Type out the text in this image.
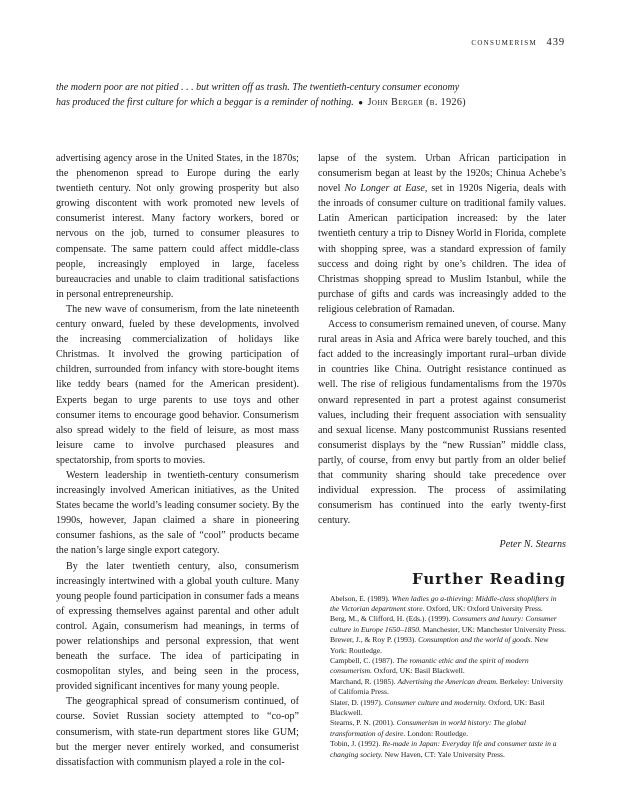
consumerism 439
the modern poor are not pitied . . . but written off as trash. The twentieth-century consumer economy
has produced the first culture for which a beggar is a reminder of nothing. ● John Berger (b. 1926)

advertising agency arose in the United States, in the 1870s; the phenomenon spread to Europe during the early twentieth century. Not only growing prosperity but also growing discontent with work promoted new levels of consumerist interest. Many factory workers, bored or nervous on the job, turned to consumer pleasures to compensate. The same pattern could affect middle-class people, increasingly employed in large, faceless bureaucracies and unable to claim traditional satisfactions in personal entrepreneurship.

The new wave of consumerism, from the late nineteenth century onward, fueled by these developments, involved the increasing commercialization of holidays like Christmas. It involved the growing participation of children, surrounded from infancy with store-bought items like teddy bears (named for the American president). Experts began to urge parents to use toys and other consumer items to encourage good behavior. Consumerism also spread widely to the field of leisure, as most mass leisure came to involve purchased pleasures and spectatorship, from sports to movies.

Western leadership in twentieth-century consumerism increasingly involved American initiatives, as the United States became the world’s leading consumer society. By the 1990s, however, Japan claimed a share in pioneering consumer fashions, as the sale of “cool” products became the nation’s large single export category.

By the later twentieth century, also, consumerism increasingly intertwined with a global youth culture. Many young people found participation in consumer fads a means of expressing themselves against parental and other adult control. Again, consumerism had meanings, in terms of power relationships and personal expression, that went beneath the surface. The idea of participating in cosmopolitan styles, and being seen in the process, provided significant incentives for many young people.

The geographical spread of consumerism continued, of course. Soviet Russian society attempted to “co-op” consumerism, with state-run department stores like GUM; but the merger never entirely worked, and consumerist dissatisfaction with communism played a role in the col-

lapse of the system. Urban African participation in consumerism began at least by the 1920s; Chinua Achebe’s novel No Longer at Ease, set in 1920s Nigeria, deals with the inroads of consumer culture on traditional family values. Latin American participation increased: by the later twentieth century a trip to Disney World in Florida, complete with shopping spree, was a standard expression of family success and doing right by one’s children. The idea of Christmas shopping spread to Muslim Istanbul, while the purchase of gifts and cards was increasingly added to the religious celebration of Ramadan.

Access to consumerism remained uneven, of course. Many rural areas in Asia and Africa were barely touched, and this fact added to the increasingly important rural–urban divide in countries like China. Outright resistance continued as well. The rise of religious fundamentalisms from the 1970s onward represented in part a protest against consumerist values, including their frequent association with sensuality and sexual license. Many postcommunist Russians resented consumerist displays by the “new Russian” middle class, partly, of course, from envy but partly from an older belief that community sharing should take precedence over individual expression. The process of assimilating consumerism has continued into the early twenty-first century.

Peter N. Stearns

Further Reading

Abelson, E. (1989). When ladies go a-thieving: Middle-class shoplifters in the Victorian department store. Oxford, UK: Oxford University Press.

Berg, M., & Clifford, H. (Eds.). (1999). Consumers and luxury: Consumer culture in Europe 1650–1850. Manchester, UK: Manchester University Press.

Brewer, J., & Roy P. (1993). Consumption and the world of goods. New York: Routledge.

Campbell, C. (1987). The romantic ethic and the spirit of modern consumerism. Oxford, UK: Basil Blackwell.

Marchand, R. (1985). Advertising the American dream. Berkeley: University of California Press.

Slater, D. (1997). Consumer culture and modernity. Oxford, UK: Basil Blackwell.

Stearns, P. N. (2001). Consumerism in world history: The global transformation of desire. London: Routledge.

Tobin, J. (1992). Re-made in Japan: Everyday life and consumer taste in a changing society. New Haven, CT: Yale University Press.
